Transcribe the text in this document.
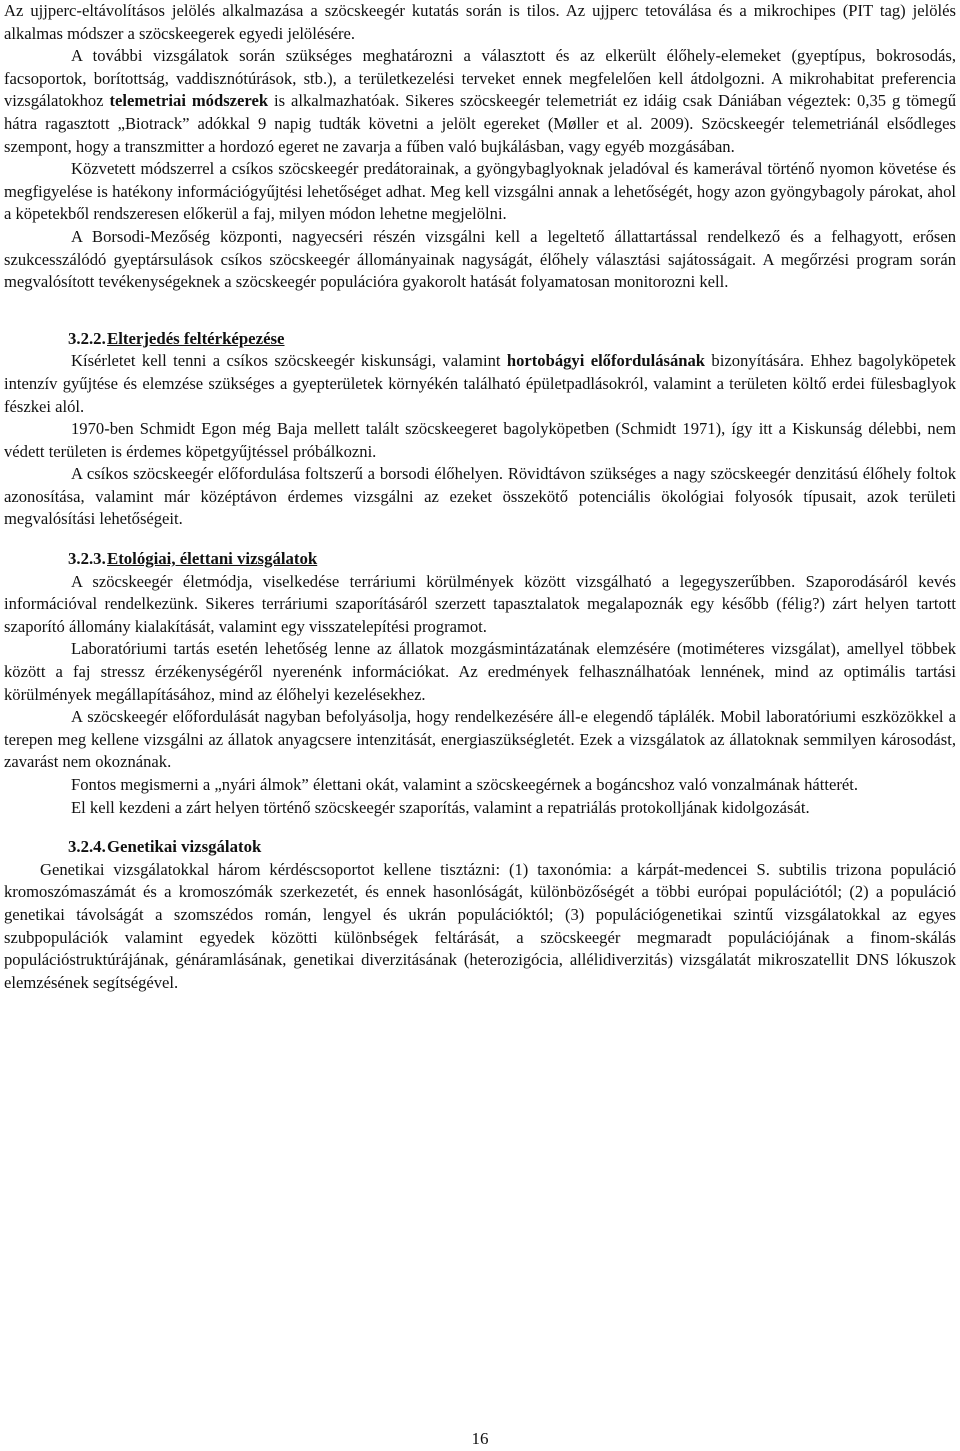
Az ujjperc-eltávolításos jelölés alkalmazása a szöcskeegér kutatás során is tilos. Az ujjperc tetoválása és a mikrochipes (PIT tag) jelölés alkalmas módszer a szöcskeegerek egyedi jelölésére.

A további vizsgálatok során szükséges meghatározni a választott és az elkerült élőhely-elemeket (gyeptípus, bokrosodás, facsoportok, borítottság, vaddisznótúrások, stb.), a területkezelési terveket ennek megfelelően kell átdolgozni. A mikrohabitat preferencia vizsgálatokhoz telemetriai módszerek is alkalmazhatóak. Sikeres szöcskeegér telemetriát ez idáig csak Dániában végeztek: 0,35 g tömegű hátra ragasztott „Biotrack” adókkal 9 napig tudták követni a jelölt egereket (Møller et al. 2009). Szöcskeegér telemetriánál elsődleges szempont, hogy a transzmitter a hordozó egeret ne zavarja a fűben való bujkálásban, vagy egyéb mozgásában.

Közvetett módszerrel a csíkos szöcskeegér predátorainak, a gyöngybaglyoknak jeladóval és kamerával történő nyomon követése és megfigyelése is hatékony információgyűjtési lehetőséget adhat. Meg kell vizsgálni annak a lehetőségét, hogy azon gyöngybagoly párokat, ahol a köpetekből rendszeresen előkerül a faj, milyen módon lehetne megjelölni.

A Borsodi-Mezőség központi, nagyecséri részén vizsgálni kell a legeltető állattartással rendelkező és a felhagyott, erősen szukcesszálódó gyeptársulások csíkos szöcskeegér állományainak nagyságát, élőhely választási sajátosságait. A megőrzési program során megvalósított tevékenységeknek a szöcskeegér populációra gyakorolt hatását folyamatosan monitorozni kell.

3.2.2.Elterjedés feltérképezése

Kísérletet kell tenni a csíkos szöcskeegér kiskunsági, valamint hortobágyi előfordulásának bizonyítására. Ehhez bagolyköpetek intenzív gyűjtése és elemzése szükséges a gyepterületek környékén található épületpadlásokról, valamint a területen költő erdei fülesbaglyok fészkei alól.

1970-ben Schmidt Egon még Baja mellett talált szöcskeegeret bagolyköpetben (Schmidt 1971), így itt a Kiskunság délebbi, nem védett területen is érdemes köpetgyűjtéssel próbálkozni.

A csíkos szöcskeegér előfordulása foltszerű a borsodi élőhelyen. Rövidtávon szükséges a nagy szöcskeegér denzitású élőhely foltok azonosítása, valamint már középtávon érdemes vizsgálni az ezeket összekötő potenciális ökológiai folyosók típusait, azok területi megvalósítási lehetőségeit.

3.2.3.Etológiai, élettani vizsgálatok

A szöcskeegér életmódja, viselkedése terráriumi körülmények között vizsgálható a legegyszerűbben. Szaporodásáról kevés információval rendelkezünk. Sikeres terráriumi szaporításáról szerzett tapasztalatok megalapoznák egy később (félig?) zárt helyen tartott szaporító állomány kialakítását, valamint egy visszatelepítési programot.

Laboratóriumi tartás esetén lehetőség lenne az állatok mozgásmintázatának elemzésére (motiméteres vizsgálat), amellyel többek között a faj stressz érzékenységéről nyerenénk információkat. Az eredmények felhasználhatóak lennének, mind az optimális tartási körülmények megállapításához, mind az élőhelyi kezelésekhez.

A szöcskeegér előfordulását nagyban befolyásolja, hogy rendelkezésére áll-e elegendő táplálék. Mobil laboratóriumi eszközökkel a terepen meg kellene vizsgálni az állatok anyagcsere intenzitását, energiaszükségletét. Ezek a vizsgálatok az állatoknak semmilyen károsodást, zavarást nem okoznának.

Fontos megismerni a „nyári álmok” élettani okát, valamint a szöcskeegérnek a bogáncshoz való vonzalmának hátterét.

El kell kezdeni a zárt helyen történő szöcskeegér szaporítás, valamint a repatriálás protokolljának kidolgozását.

3.2.4.Genetikai vizsgálatok

Genetikai vizsgálatokkal három kérdéscsoportot kellene tisztázni: (1) taxonómia: a kárpát-medencei S. subtilis trizona populáció kromoszómaszámát és a kromoszómák szerkezetét, és ennek hasonlóságát, különbözőségét a többi európai populációtól; (2) a populáció genetikai távolságát a szomszédos román, lengyel és ukrán populációktól; (3) populációgenetikai szintű vizsgálatokkal az egyes szubpopulációk valamint egyedek közötti különbségek feltárását, a szöcskeegér megmaradt populációjának a finom-skálás populációstruktúrájának, génáramlásának, genetikai diverzitásának (heterozigócia, allélidiverzitás) vizsgálatát mikroszatellit DNS lókuszok elemzésének segítségével.

16
